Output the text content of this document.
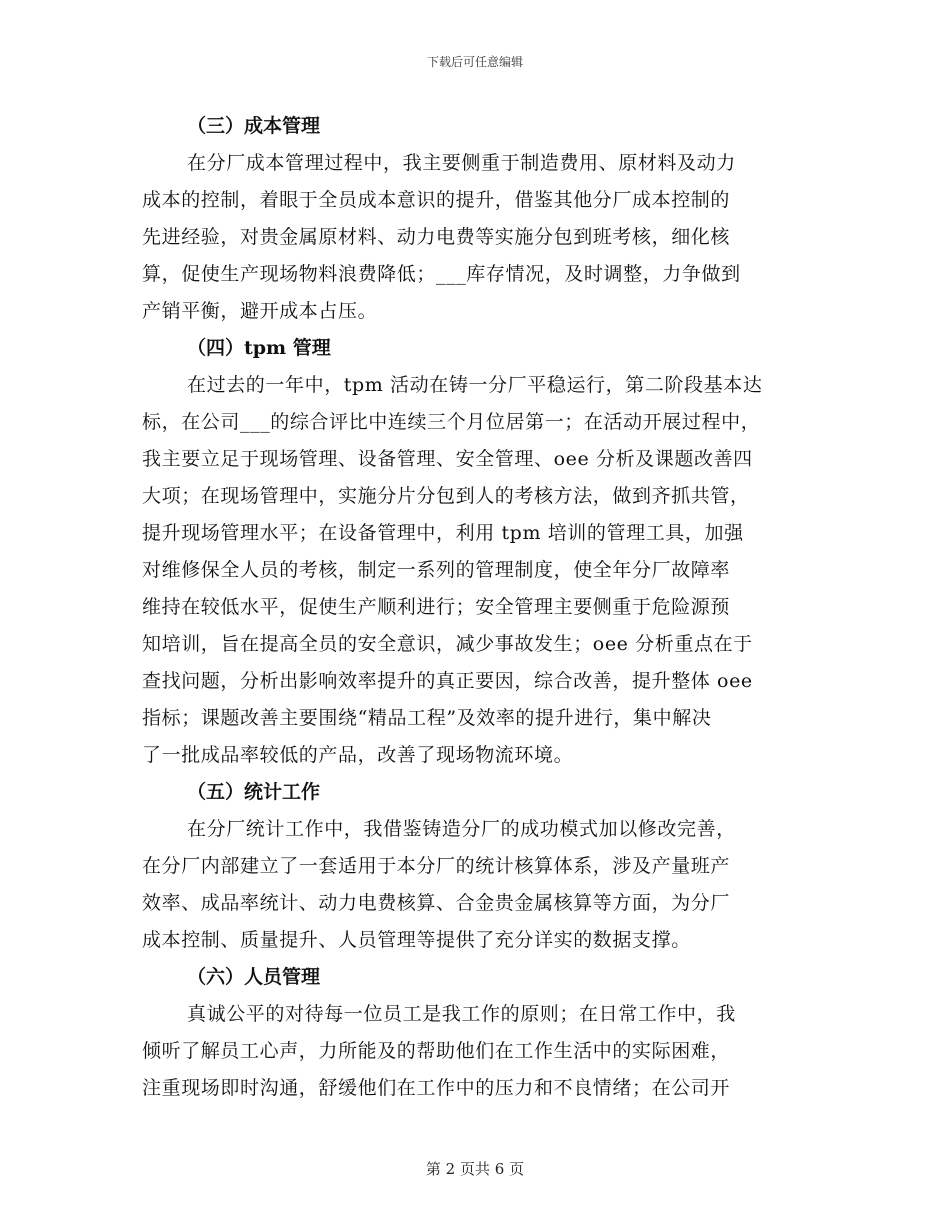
下载后可任意编辑
（三）成本管理

在分厂成本管理过程中，我主要侧重于制造费用、原材料及动力

成本的控制，着眼于全员成本意识的提升，借鉴其他分厂成本控制的

先进经验，对贵金属原材料、动力电费等实施分包到班考核，细化核

算，促使生产现场物料浪费降低；___库存情况，及时调整，力争做到

产销平衡，避开成本占压。

（四）tpm 管理

在过去的一年中，tpm 活动在铸一分厂平稳运行，第二阶段基本达

标，在公司___的综合评比中连续三个月位居第一；在活动开展过程中，

我主要立足于现场管理、设备管理、安全管理、oee 分析及课题改善四

大项；在现场管理中，实施分片分包到人的考核方法，做到齐抓共管，

提升现场管理水平；在设备管理中，利用 tpm 培训的管理工具，加强

对维修保全人员的考核，制定一系列的管理制度，使全年分厂故障率

维持在较低水平，促使生产顺利进行；安全管理主要侧重于危险源预

知培训，旨在提高全员的安全意识，减少事故发生；oee 分析重点在于

查找问题，分析出影响效率提升的真正要因，综合改善，提升整体 oee

指标；课题改善主要围绕“精品工程”及效率的提升进行，集中解决

了一批成品率较低的产品，改善了现场物流环境。

（五）统计工作

在分厂统计工作中，我借鉴铸造分厂的成功模式加以修改完善，

在分厂内部建立了一套适用于本分厂的统计核算体系，涉及产量班产

效率、成品率统计、动力电费核算、合金贵金属核算等方面，为分厂

成本控制、质量提升、人员管理等提供了充分详实的数据支撑。

（六）人员管理

真诚公平的对待每一位员工是我工作的原则；在日常工作中，我

倾听了解员工心声，力所能及的帮助他们在工作生活中的实际困难，

注重现场即时沟通，舒缓他们在工作中的压力和不良情绪；在公司开

第 2 页共 6 页
